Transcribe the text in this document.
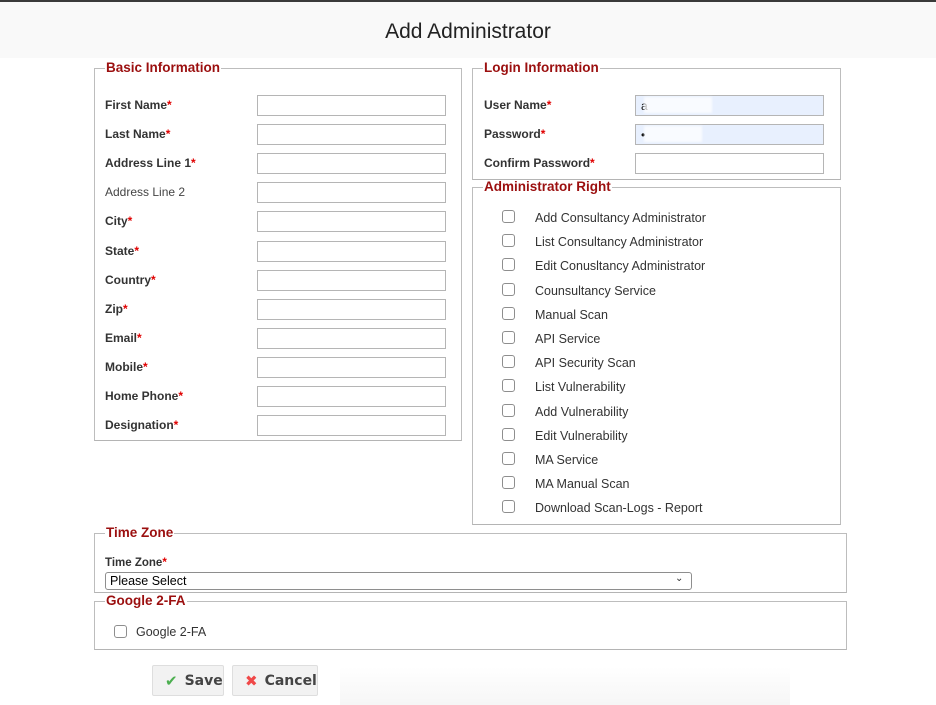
Add Administrator
Basic Information
First Name*
Last Name*
Address Line 1*
Address Line 2
City*
State*
Country*
Zip*
Email*
Mobile*
Home Phone*
Designation*
Login Information
User Name*
a
Password*
•
Confirm Password*
Administrator Right
Add Consultancy Administrator
List Consultancy Administrator
Edit Conusltancy Administrator
Counsultancy Service
Manual Scan
API Service
API Security Scan
List Vulnerability
Add Vulnerability
Edit Vulnerability
MA Service
MA Manual Scan
Download Scan-Logs - Report
Time Zone
Time Zone*
Please Select
⌄
Google 2-FA
Google 2-FA
✔ Save ✖ Cancel
